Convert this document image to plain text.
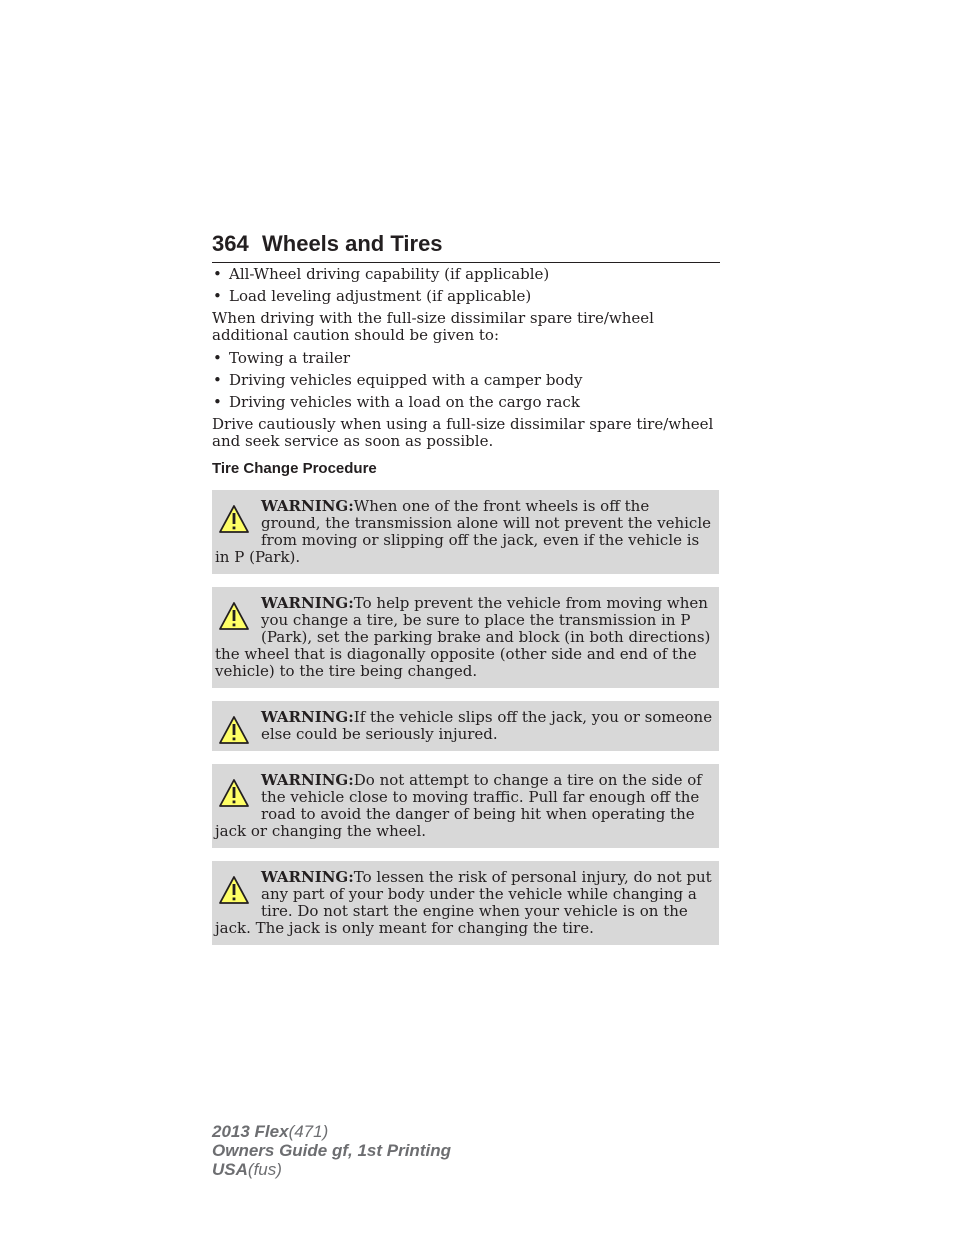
364 Wheels and Tires
• All-Wheel driving capability (if applicable)
• Load leveling adjustment (if applicable)
When driving with the full-size dissimilar spare tire/wheel additional caution should be given to:
• Towing a trailer
• Driving vehicles equipped with a camper body
• Driving vehicles with a load on the cargo rack
Drive cautiously when using a full-size dissimilar spare tire/wheel and seek service as soon as possible.
Tire Change Procedure
WARNING:When one of the front wheels is off the ground, the transmission alone will not prevent the vehicle from moving or slipping off the jack, even if the vehicle is in P (Park).
WARNING:To help prevent the vehicle from moving when you change a tire, be sure to place the transmission in P (Park), set the parking brake and block (in both directions) the wheel that is diagonally opposite (other side and end of the vehicle) to the tire being changed.
WARNING:If the vehicle slips off the jack, you or someone else could be seriously injured.
WARNING:Do not attempt to change a tire on the side of the vehicle close to moving traffic. Pull far enough off the road to avoid the danger of being hit when operating the jack or changing the wheel.
WARNING:To lessen the risk of personal injury, do not put any part of your body under the vehicle while changing a tire. Do not start the engine when your vehicle is on the jack. The jack is only meant for changing the tire.
2013 Flex(471)
Owners Guide gf, 1st Printing
USA(fus)
